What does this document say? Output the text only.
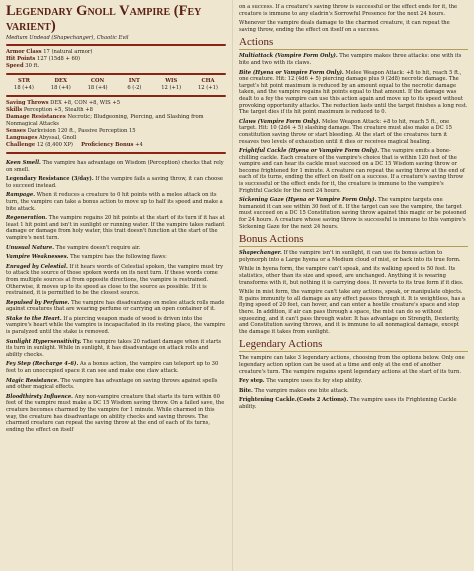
Legendary Gnoll Vampire (Fey varient)

Medium Undead (Shapechanger), Chaotic Evil

Armor Class 17 (natural armor)

Hit Points 127 (15d8 + 60)

Speed 30 ft.

STR
18 (+4)
DEX
18 (+4)
CON
18 (+4)
INT
6 (-2)
WIS
12 (+1)
CHA
12 (+1)

Saving Throws DEX +8, CON +8, WIS +5

Skills Perception +5, Stealth +8

Damage Resistances Necrotic; Bludgeoning, Piercing, and Slashing from Nonmagical Attacks

Senses Darkvision 120 ft., Passive Perception 15

Languages Abyssal, Gnoll

Challenge 12 (8,400 XP) Proficiency Bonus +4

Keen Smell. The vampire has advantage on Wisdom (Perception) checks that rely on smell.

Legendary Resistance (3/day). If the vampire fails a saving throw, it can choose to succeed instead.

Rampage. When it reduces a creature to 0 hit points with a melee attack on its turn, the vampire can take a bonus action to move up to half its speed and make a bite attack.

Regeneration. The vampire regains 20 hit points at the start of its turn if it has at least 1 hit point and isn't in sunlight or running water. If the vampire takes radiant damage or damage from holy water, this trait doesn't function at the start of the vampire's next turn.

Unusual Nature. The vampire doesn't require air.

Vampire Weaknesses. The vampire has the following flaws:

Enraged by Celestial. If it hears words of Celestial spoken, the vampire must try to attack the source of those spoken words on its next turn. If these words come from multiple sources at from opposite directions, the vampire is restrained. Otherwise, it moves up to its speed as close to the source as possible. If it is restrained, it is permitted to be the closest source.

Repulsed by Perfume. The vampire has disadvantage on melee attack rolls made against creatures that are wearing perfume or carrying an open container of it.

Stake to the Heart. If a piercing weapon made of wood is driven into the vampire's heart while the vampire is incapacitated in its resting place, the vampire is paralyzed until the stake is removed.

Sunlight Hypersensitivity. The vampire takes 20 radiant damage when it starts its turn in sunlight. While in sunlight, it has disadvantage on attack rolls and ability checks.

Fey Step (Recharge 4–6). As a bonus action, the vampire can teleport up to 30 feet to an unoccupied space it can see and make one claw attack.

Magic Resistance. The vampire has advantage on saving throws against spells and other magical effects.

Bloodthirsty Influence. Any non-vampire creature that starts its turn within 60 feet of the vampire must make a DC 15 Wisdom saving throw. On a failed save, the creature becomes charmed by the vampire for 1 minute. While charmed in this way, the creature has disadvantage on ability checks and saving throws. The charmed creature can repeat the saving throw at the end of each of its turns, ending the effect on itself

on a success. If a creature's saving throw is successful or the effect ends for it, the creature is immune to any eladrin's Sorrowful Presence for the next 24 hours.

Whenever the vampire deals damage to the charmed creature, it can repeat the saving throw, ending the effect on itself on a success.

Actions

Multiattack (Vampire Form Only). The vampire makes three attacks: one with its bite and two with its claws.

Bite (Hyena or Vampire Form Only). Melee Weapon Attack: +8 to hit, reach 5 ft., one creature. Hit: 12 (4d6 + 5) piercing damage plus 9 (2d8) necrotic damage. The target's hit point maximum is reduced by an amount equal to the necrotic damage taken, and the vampire regains hit points equal to that amount. If the damage was dealt to a fey the vampire can use this action again and move up to its speed without provoking opportunity attacks. The reduction lasts until the target finishes a long rest. The target dies if its hit point maximum is reduced to 0.

Claws (Vampire Form Only). Melee Weapon Attack: +8 to hit, reach 5 ft., one target. Hit: 10 (2d4 + 5) slashing damage. The creature must also make a DC 15 constitution saving throw or start bleeding. At the start of the creatures turn it resaves two levels of exhaustion until it dies or receives magical healing.

Frightful Cackle (Hyena or Vampire Form Only). The vampire emits a bone-chilling cackle. Each creature of the vampire's choice that is within 120 feet of the vampire and can hear its cackle must succeed on a DC 15 Wisdom saving throw or become frightened for 1 minute. A creature can repeat the saving throw at the end of each of its turns, ending the effect on itself on a success. If a creature's saving throw is successful or the effect ends for it, the creature is immune to the vampire's Frightful Cackle for the next 24 hours.

Sickening Gaze (Hyena or Vampire Form Only). The vampire targets one humanoid it can see within 30 feet of it. If the target can see the vampire, the target must succeed on a DC 15 Constitution saving throw against this magic or be poisoned for 24 hours. A creature whose saving throw is successful is immune to this vampire's Sickening Gaze for the next 24 hours.

Bonus Actions

Shapechanger. If the vampire isn't in sunlight, it can use its bonus action to polymorph into a Large hyena or a Medium cloud of mist, or back into its true form.

While in hyena form, the vampire can't speak, and its walking speed is 50 feet. Its statistics, other than its size and speed, are unchanged. Anything it is wearing transforms with it, but nothing it is carrying does. It reverts to its true form if it dies.

While in mist form, the vampire can't take any actions, speak, or manipulate objects. It gains immunity to all damage as any effect passes through it. It is weightless, has a flying speed of 20 feet, can hover, and can enter a hostile creature's space and stop there. In addition, if air can pass through a space, the mist can do so without squeezing, and it can't pass through water. It has advantage on Strength, Dexterity, and Constitution saving throws, and it is immune to all nonmagical damage, except the damage it takes from sunlight.

Legendary Actions

The vampire can take 3 legendary actions, choosing from the options below. Only one legendary action option can be used at a time and only at the end of another creature's turn. The vampire regains spent legendary actions at the start of its turn.

Fey step. The vampire uses its fey step ability.

Bite. The vampire makes one bite attack.

Frightening Cackle.(Costs 2 Actions). The vampire uses its Frightening Cackle ability.
